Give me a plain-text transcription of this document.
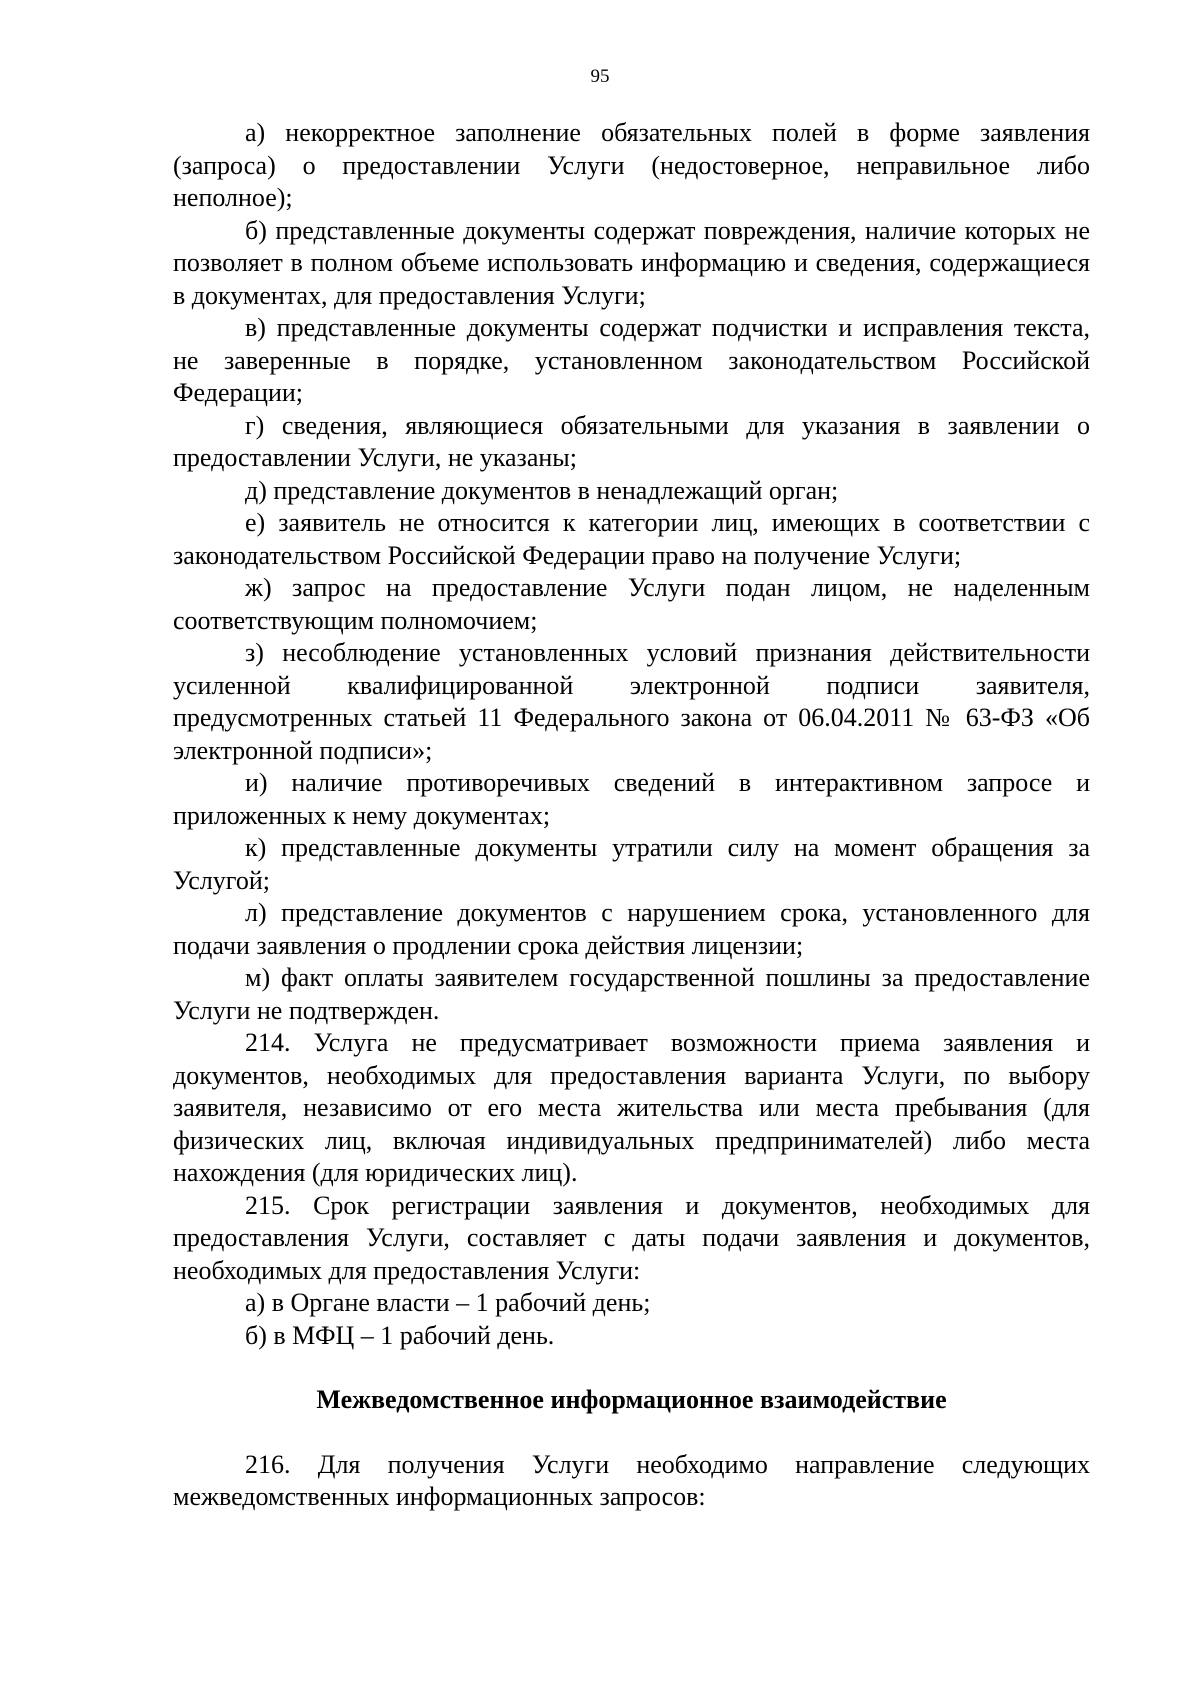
95

а) некорректное заполнение обязательных полей в форме заявления (запроса) о предоставлении Услуги (недостоверное, неправильное либо неполное);

б) представленные документы содержат повреждения, наличие которых не позволяет в полном объеме использовать информацию и сведения, содержащиеся в документах, для предоставления Услуги;

в) представленные документы содержат подчистки и исправления текста, не заверенные в порядке, установленном законодательством Российской Федерации;

г) сведения, являющиеся обязательными для указания в заявлении о предоставлении Услуги, не указаны;

д) представление документов в ненадлежащий орган;

е) заявитель не относится к категории лиц, имеющих в соответствии с законодательством Российской Федерации право на получение Услуги;

ж) запрос на предоставление Услуги подан лицом, не наделенным соответствующим полномочием;

з) несоблюдение установленных условий признания действительности усиленной квалифицированной электронной подписи заявителя, предусмотренных статьей 11 Федерального закона от 06.04.2011 № 63-ФЗ «Об электронной подписи»;

и) наличие противоречивых сведений в интерактивном запросе и приложенных к нему документах;

к) представленные документы утратили силу на момент обращения за Услугой;

л) представление документов с нарушением срока, установленного для подачи заявления о продлении срока действия лицензии;

м) факт оплаты заявителем государственной пошлины за предоставление Услуги не подтвержден.

214. Услуга не предусматривает возможности приема заявления и документов, необходимых для предоставления варианта Услуги, по выбору заявителя, независимо от его места жительства или места пребывания (для физических лиц, включая индивидуальных предпринимателей) либо места нахождения (для юридических лиц).

215. Срок регистрации заявления и документов, необходимых для предоставления Услуги, составляет с даты подачи заявления и документов, необходимых для предоставления Услуги:

а) в Органе власти – 1 рабочий день;

б) в МФЦ – 1 рабочий день.

Межведомственное информационное взаимодействие

216. Для получения Услуги необходимо направление следующих межведомственных информационных запросов:
